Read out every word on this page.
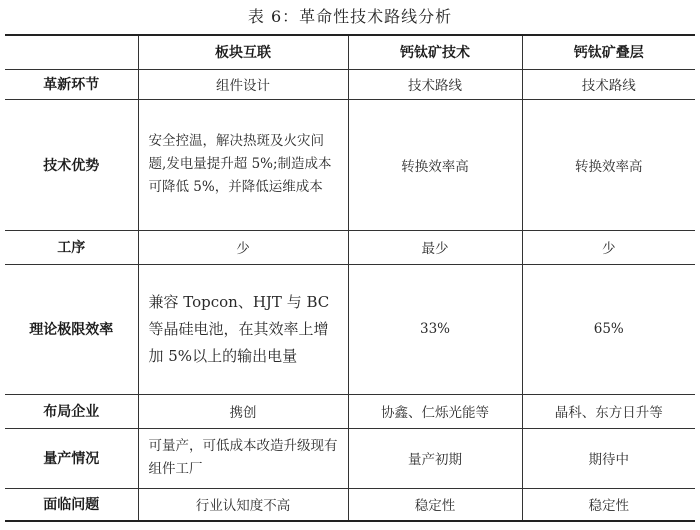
表 6：革命性技术路线分析
	板块互联	钙钛矿技术	钙钛矿叠层
革新环节	组件设计	技术路线	技术路线
技术优势	安全控温，解决热斑及火灾问题,发电量提升超 5%;制造成本可降低 5%，并降低运维成本	转换效率高	转换效率高
工序	少	最少	少
理论极限效率	兼容 Topcon、HJT 与 BC 等晶硅电池，在其效率上增加 5%以上的输出电量	33%	65%
布局企业	携创	协鑫、仁烁光能等	晶科、东方日升等
量产情况	可量产，可低成本改造升级现有组件工厂	量产初期	期待中
面临问题	行业认知度不高	稳定性	稳定性
